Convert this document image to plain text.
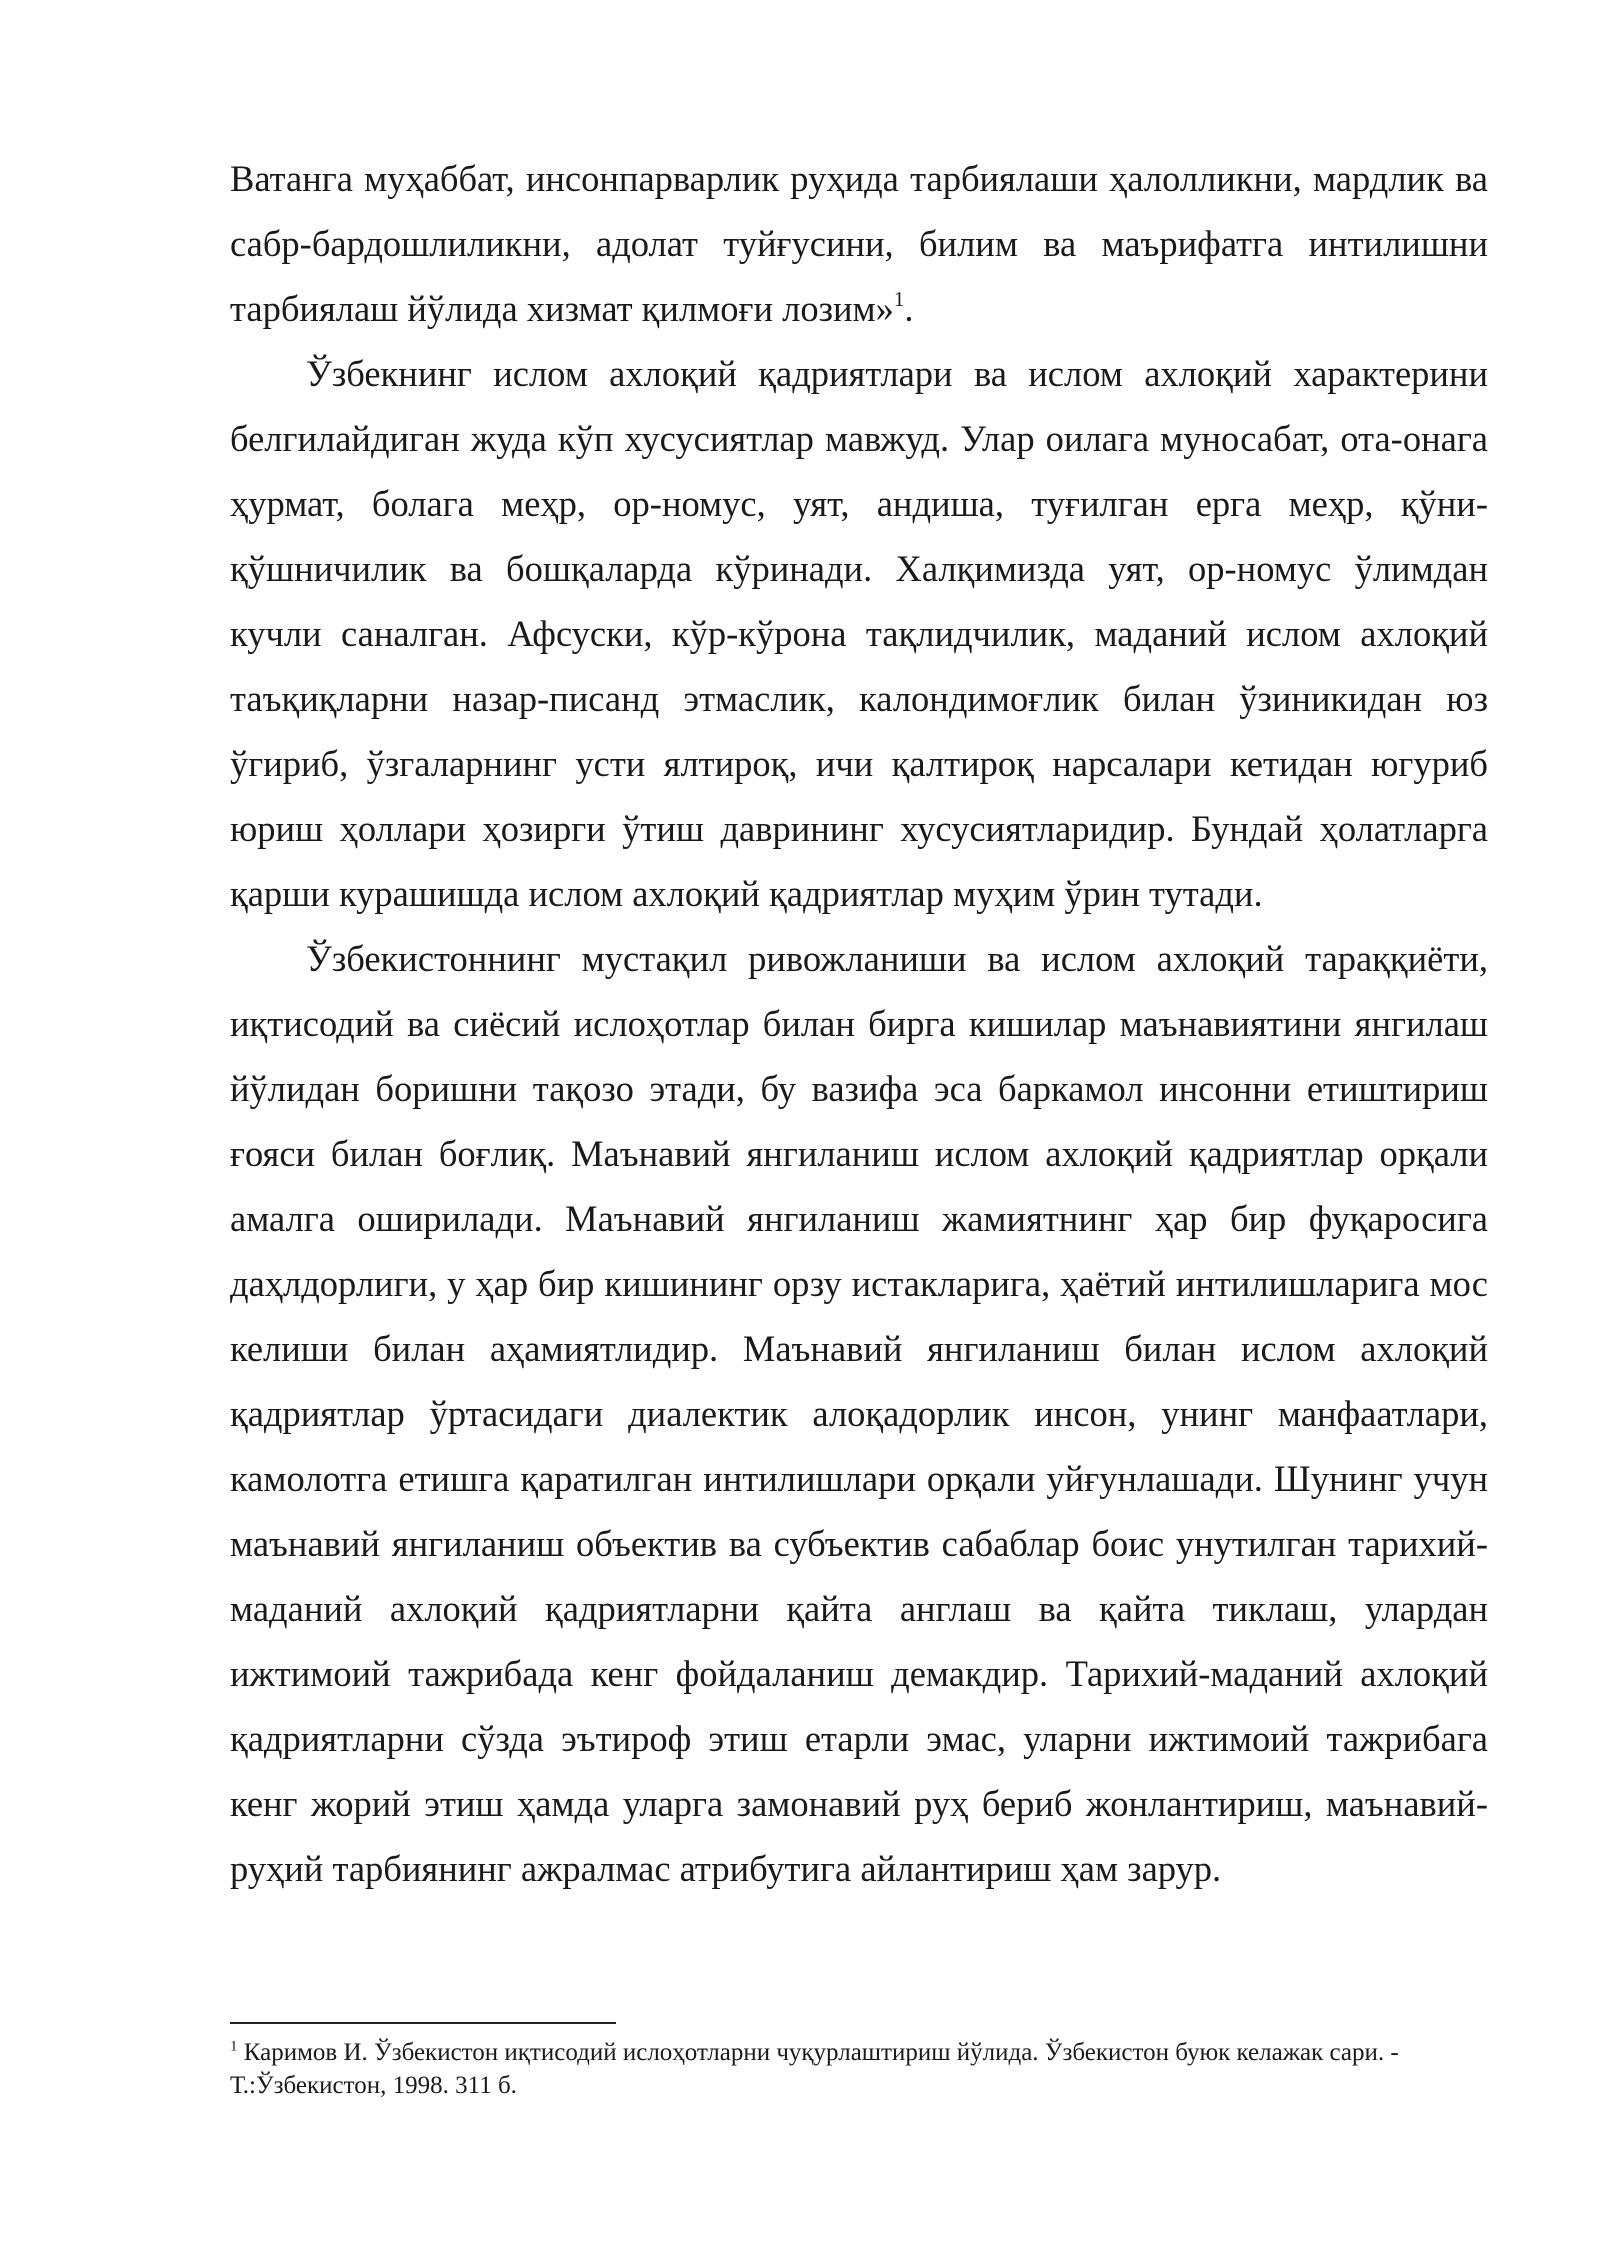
Ватанга муҳаббат, инсонпарварлик руҳида тарбиялаши ҳалолликни, мардлик ва сабр-бардошлиликни, адолат туйғусини, билим ва маърифатга интилишни тарбиялаш йўлида хизмат қилмоғи лозим»$^1$.

Ўзбекнинг ислом ахлоқий қадриятлари ва ислом ахлоқий характерини белгилайдиган жуда кўп хусусиятлар мавжуд. Улар оилага муносабат, ота-онага ҳурмат, болага меҳр, ор-номус, уят, андиша, туғилган ерга меҳр, қўни-қўшничилик ва бошқаларда кўринади. Халқимизда уят, ор-номус ўлимдан кучли саналган. Афсуски, кўр-кўрона тақлидчилик, маданий ислом ахлоқий таъқиқларни назар-писанд этмаслик, калондимоғлик билан ўзиникидан юз ўгириб, ўзгаларнинг усти ялтироқ, ичи қалтироқ нарсалари кетидан югуриб юриш ҳоллари ҳозирги ўтиш даврининг хусусиятларидир. Бундай ҳолатларга қарши курашишда ислом ахлоқий қадриятлар муҳим ўрин тутади.

Ўзбекистоннинг мустақил ривожланиши ва ислом ахлоқий тараққиёти, иқтисодий ва сиёсий ислоҳотлар билан бирга кишилар маънавиятини янгилаш йўлидан боришни тақозо этади, бу вазифа эса баркамол инсонни етиштириш ғояси билан боғлиқ. Маънавий янгиланиш ислом ахлоқий қадриятлар орқали амалга оширилади. Маънавий янгиланиш жамиятнинг ҳар бир фуқаросига даҳлдорлиги, у ҳар бир кишининг орзу истакларига, ҳаётий интилишларига мос келиши билан аҳамиятлидир. Маънавий янгиланиш билан ислом ахлоқий қадриятлар ўртасидаги диалектик алоқадорлик инсон, унинг манфаатлари, камолотга етишга қаратилган интилишлари орқали уйғунлашади. Шунинг учун маънавий янгиланиш объектив ва субъектив сабаблар боис унутилган тарихий-маданий ахлоқий қадриятларни қайта англаш ва қайта тиклаш, улардан ижтимоий тажрибада кенг фойдаланиш демакдир. Тарихий-маданий ахлоқий қадриятларни сўзда эътироф этиш етарли эмас, уларни ижтимоий тажрибага кенг жорий этиш ҳамда уларга замонавий руҳ бериб жонлантириш, маънавий-руҳий тарбиянинг ажралмас атрибутига айлантириш ҳам зарур.

$^1$ Каримов И. Ўзбекистон иқтисодий ислоҳотларни чуқурлаштириш йўлида. Ўзбекистон буюк келажак сари. - Т.:Ўзбекистон, 1998. 311 б.
